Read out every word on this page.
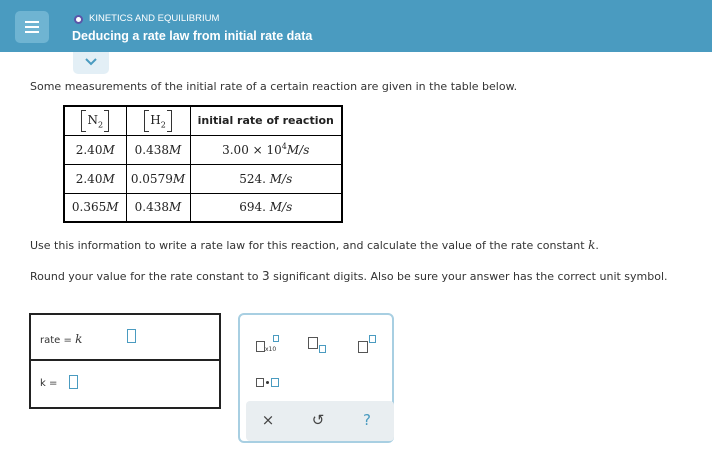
KINETICS AND EQUILIBRIUM
Deducing a rate law from initial rate data
Some measurements of the initial rate of a certain reaction are given in the table below.
$N_2$	$H_2$	initial rate of reaction
2.40M	0.438M	$3.00 \times 10^4M/s$
2.40M	0.0579M	524. M/s
0.365M	0.438M	694. M/s
Use this information to write a rate law for this reaction, and calculate the value of the rate constant k.
Round your value for the rate constant to 3 significant digits. Also be sure your answer has the correct unit symbol.
rate = k
k =
x10
× ↺	?
